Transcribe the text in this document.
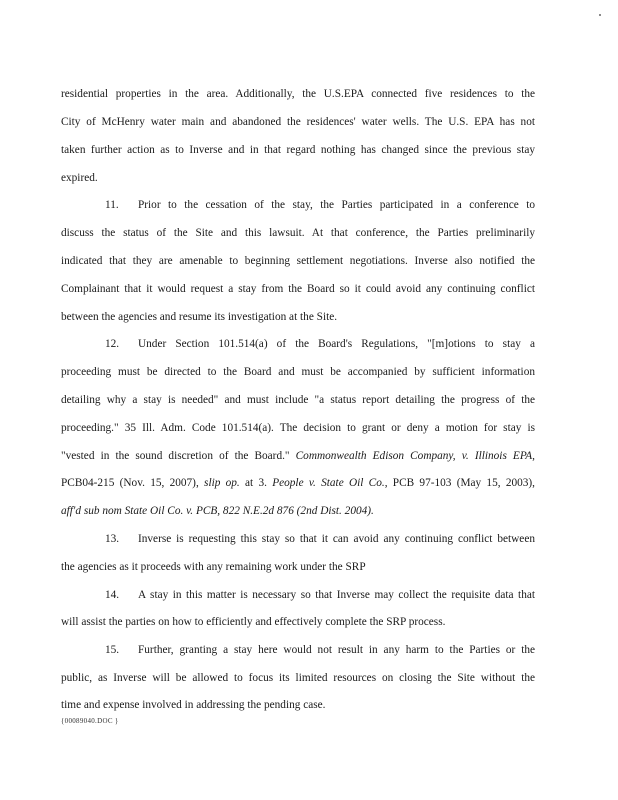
residential properties in the area. Additionally, the U.S.EPA connected five residences to the
City of McHenry water main and abandoned the residences' water wells. The U.S. EPA has not
taken further action as to Inverse and in that regard nothing has changed since the previous stay
expired.
11. Prior to the cessation of the stay, the Parties participated in a conference to
discuss the status of the Site and this lawsuit. At that conference, the Parties preliminarily
indicated that they are amenable to beginning settlement negotiations. Inverse also notified the
Complainant that it would request a stay from the Board so it could avoid any continuing conflict
between the agencies and resume its investigation at the Site.
12. Under Section 101.514(a) of the Board's Regulations, "[m]otions to stay a
proceeding must be directed to the Board and must be accompanied by sufficient information
detailing why a stay is needed" and must include "a status report detailing the progress of the
proceeding." 35 Ill. Adm. Code 101.514(a). The decision to grant or deny a motion for stay is
"vested in the sound discretion of the Board." Commonwealth Edison Company, v. Illinois EPA,
PCB04-215 (Nov. 15, 2007), slip op. at 3. People v. State Oil Co., PCB 97-103 (May 15, 2003),
aff'd sub nom State Oil Co. v. PCB, 822 N.E.2d 876 (2nd Dist. 2004).
13. Inverse is requesting this stay so that it can avoid any continuing conflict between
the agencies as it proceeds with any remaining work under the SRP
14. A stay in this matter is necessary so that Inverse may collect the requisite data that
will assist the parties on how to efficiently and effectively complete the SRP process.
15. Further, granting a stay here would not result in any harm to the Parties or the
public, as Inverse will be allowed to focus its limited resources on closing the Site without the
time and expense involved in addressing the pending case.
{00089040.DOC }
